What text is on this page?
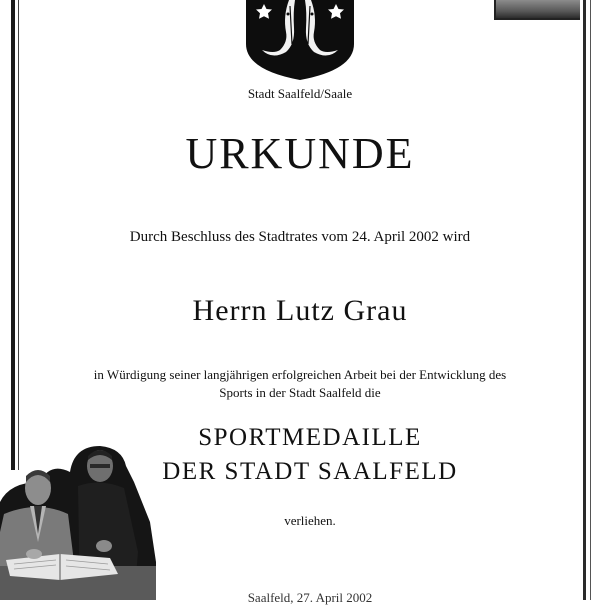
Stadt Saalfeld/Saale
URKUNDE
Durch Beschluss des Stadtrates vom 24. April 2002 wird
Herrn Lutz Grau
in Würdigung seiner langjährigen erfolgreichen Arbeit bei der Entwicklung des
Sports in der Stadt Saalfeld die
SPORTMEDAILLE
DER STADT SAALFELD
verliehen.
Saalfeld, 27. April 2002
